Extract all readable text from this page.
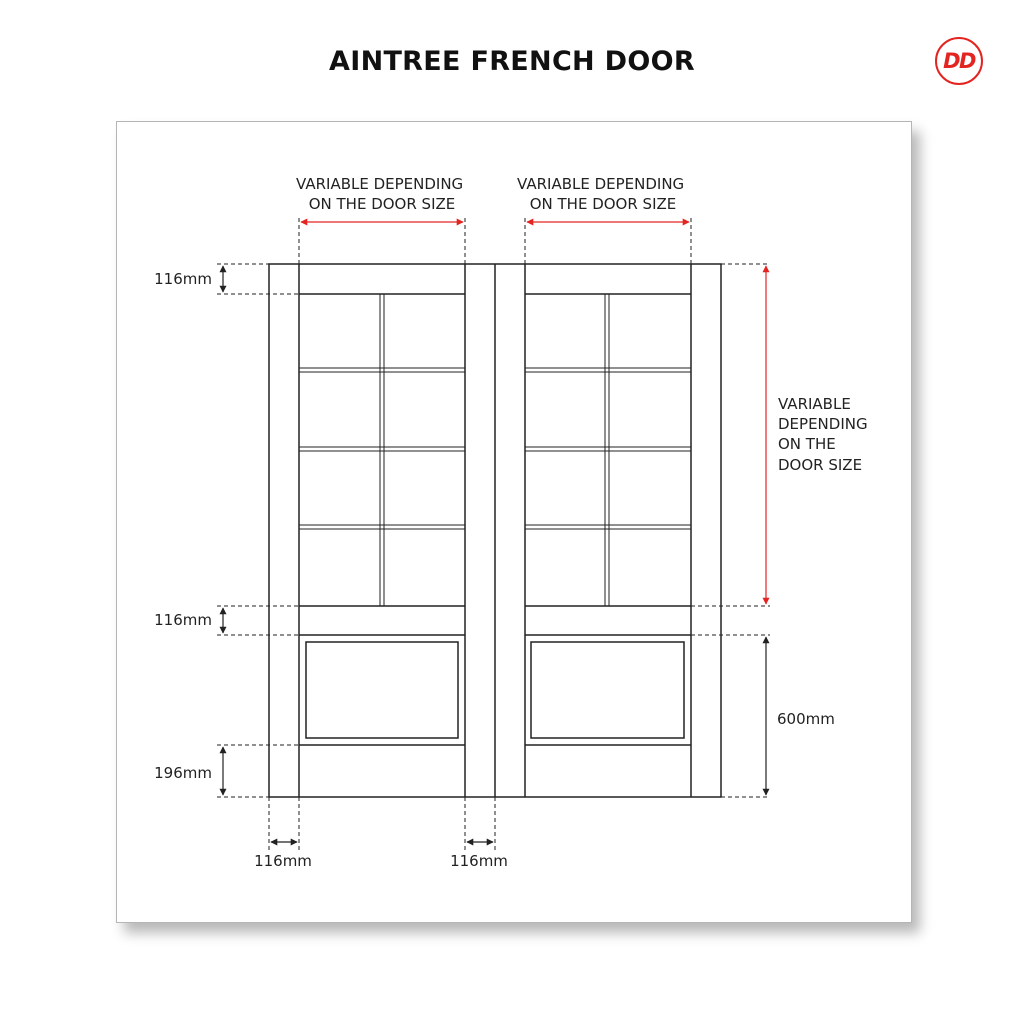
AINTREE FRENCH DOOR	DD
VARIABLE DEPENDING ON THE DOOR SIZE
VARIABLE DEPENDING ON THE DOOR SIZE
VARIABLE DEPENDING ON THE DOOR SIZE
116mm
116mm
196mm
600mm
116mm	116mm
